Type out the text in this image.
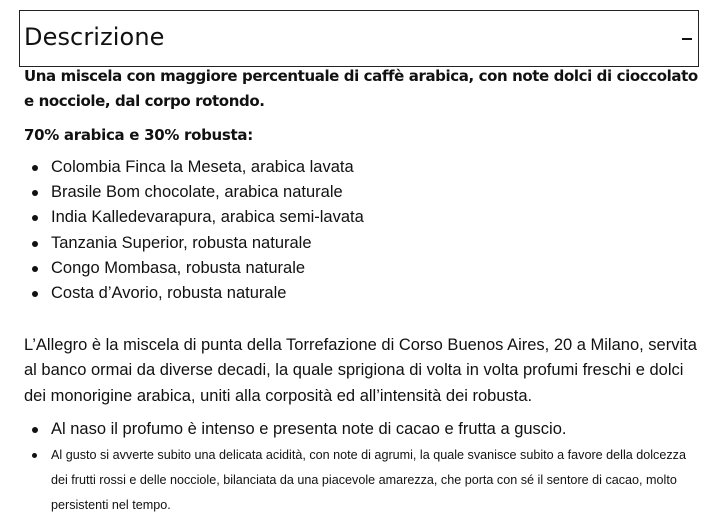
Descrizione

Una miscela con maggiore percentuale di caffè arabica, con note dolci di cioccolato e nocciole, dal corpo rotondo.

70% arabica e 30% robusta:

Colombia Finca la Meseta, arabica lavata
Brasile Bom chocolate, arabica naturale
India Kalledevarapura, arabica semi-lavata
Tanzania Superior, robusta naturale
Congo Mombasa, robusta naturale
Costa d’Avorio, robusta naturale

L’Allegro è la miscela di punta della Torrefazione di Corso Buenos Aires, 20 a Milano, servita al banco ormai da diverse decadi, la quale sprigiona di volta in volta profumi freschi e dolci dei monorigine arabica, uniti alla corposità ed all’intensità dei robusta.

Al naso il profumo è intenso e presenta note di cacao e frutta a guscio.
Al gusto si avverte subito una delicata acidità, con note di agrumi, la quale svanisce subito a favore della dolcezza dei frutti rossi e delle nocciole, bilanciata da una piacevole amarezza, che porta con sé il sentore di cacao, molto persistenti nel tempo.
